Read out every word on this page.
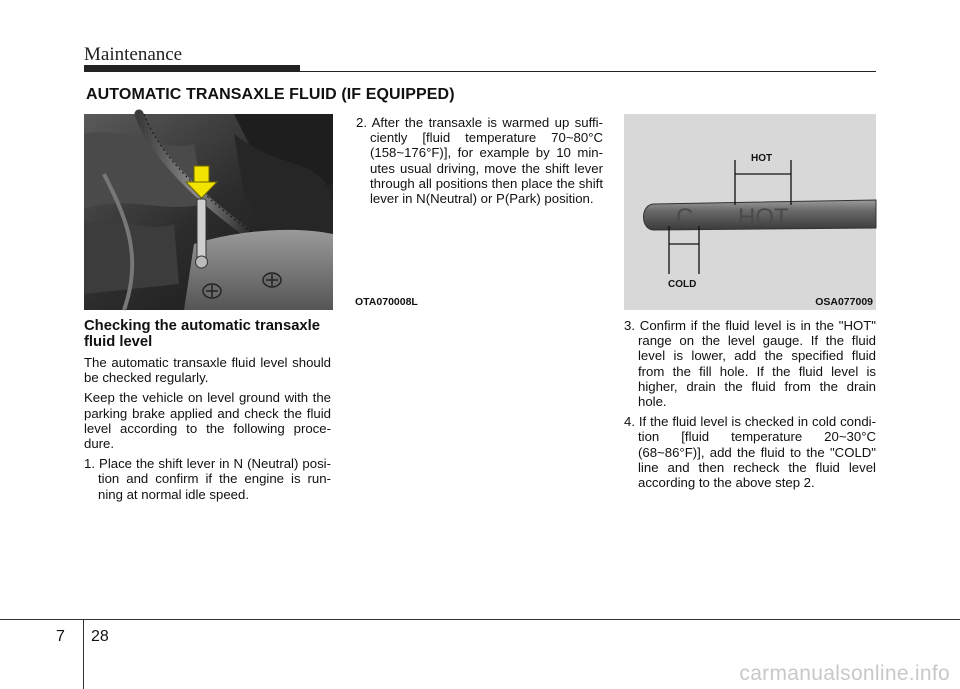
Maintenance
AUTOMATIC TRANSAXLE FLUID (IF EQUIPPED)
OTA070008L
C HOT
HOT
COLD
OSA077009

Checking the automatic transaxle fluid level

The automatic transaxle fluid level should be checked regularly.

Keep the vehicle on level ground with the parking brake applied and check the fluid level according to the following proce- dure.

1. Place the shift lever in N (Neutral) posi- tion and confirm if the engine is run- ning at normal idle speed.

2. After the transaxle is warmed up suffi- ciently [fluid temperature 70~80°C (158~176°F)], for example by 10 min- utes usual driving, move the shift lever through all positions then place the shift lever in N(Neutral) or P(Park) position.

3. Confirm if the fluid level is in the "HOT" range on the level gauge. If the fluid level is lower, add the specified fluid from the fill hole. If the fluid level is higher, drain the fluid from the drain hole.

4. If the fluid level is checked in cold condi- tion [fluid temperature 20~30°C (68~86°F)], add the fluid to the "COLD" line and then recheck the fluid level according to the above step 2.

7 28
carmanualsonline.info
